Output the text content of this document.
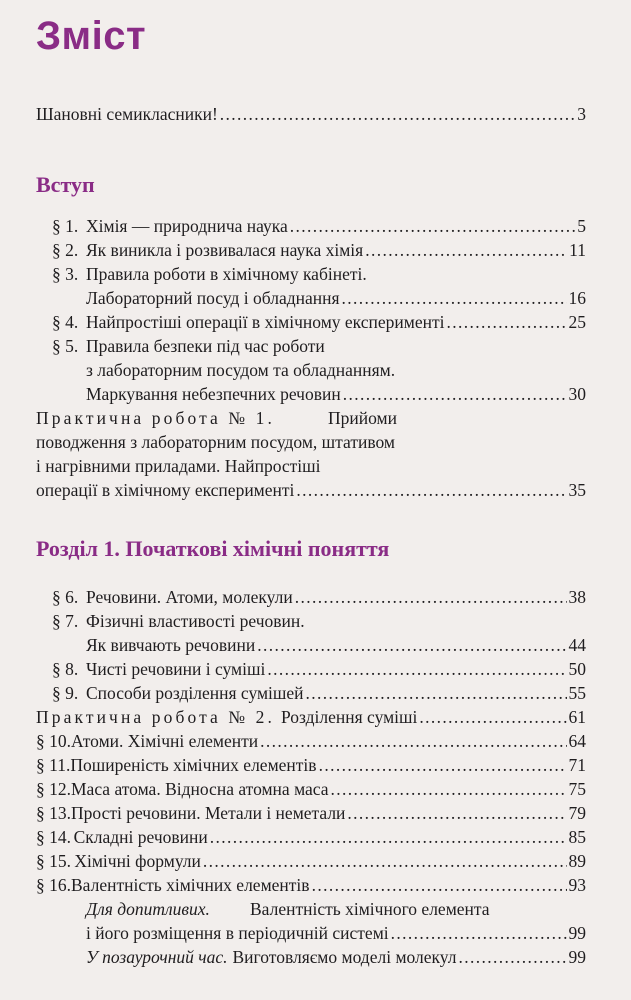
Зміст
Шановні семикласники! . . .	3
Вступ
§ 1. Хімія — природнича наука . . .	5
§ 2. Як виникла і розвивалася наука хімія . . .	11
§ 3. Правила роботи в хімічному кабінеті.
Лабораторний посуд і обладнання . . .	16
§ 4. Найпростіші операції в хімічному експерименті . . .	25
§ 5. Правила безпеки під час роботи
з лабораторним посудом та обладнанням.
Маркування небезпечних речовин . . .	30
Практична робота № 1.	Прийоми
поводження з лабораторним посудом, штативом
і нагрівними приладами. Найпростіші
операції в хімічному експерименті . . .	35
Розділ 1. Початкові хімічні поняття
§ 6. Речовини. Атоми, молекули . . .	38
§ 7. Фізичні властивості речовин.
Як вивчають речовини . . .	44
§ 8. Чисті речовини і суміші . . .	50
§ 9. Способи розділення сумішей . . .	55
Практична робота № 2. Розділення суміші . . .	61
§ 10. Атоми. Хімічні елементи . . .	64
§ 11. Поширеність хімічних елементів . . .	71
§ 12. Маса атома. Відносна атомна маса . . .	75
§ 13. Прості речовини. Метали і неметали . . .	79
§ 14. Складні речовини . . .	85
§ 15. Хімічні формули . . .	89
§ 16. Валентність хімічних елементів . . .	93
Для допитливих. Валентність хімічного елемента
і його розміщення в періодичній системі . . .	99
У позаурочний час. Виготовляємо моделі молекул . . .	99
